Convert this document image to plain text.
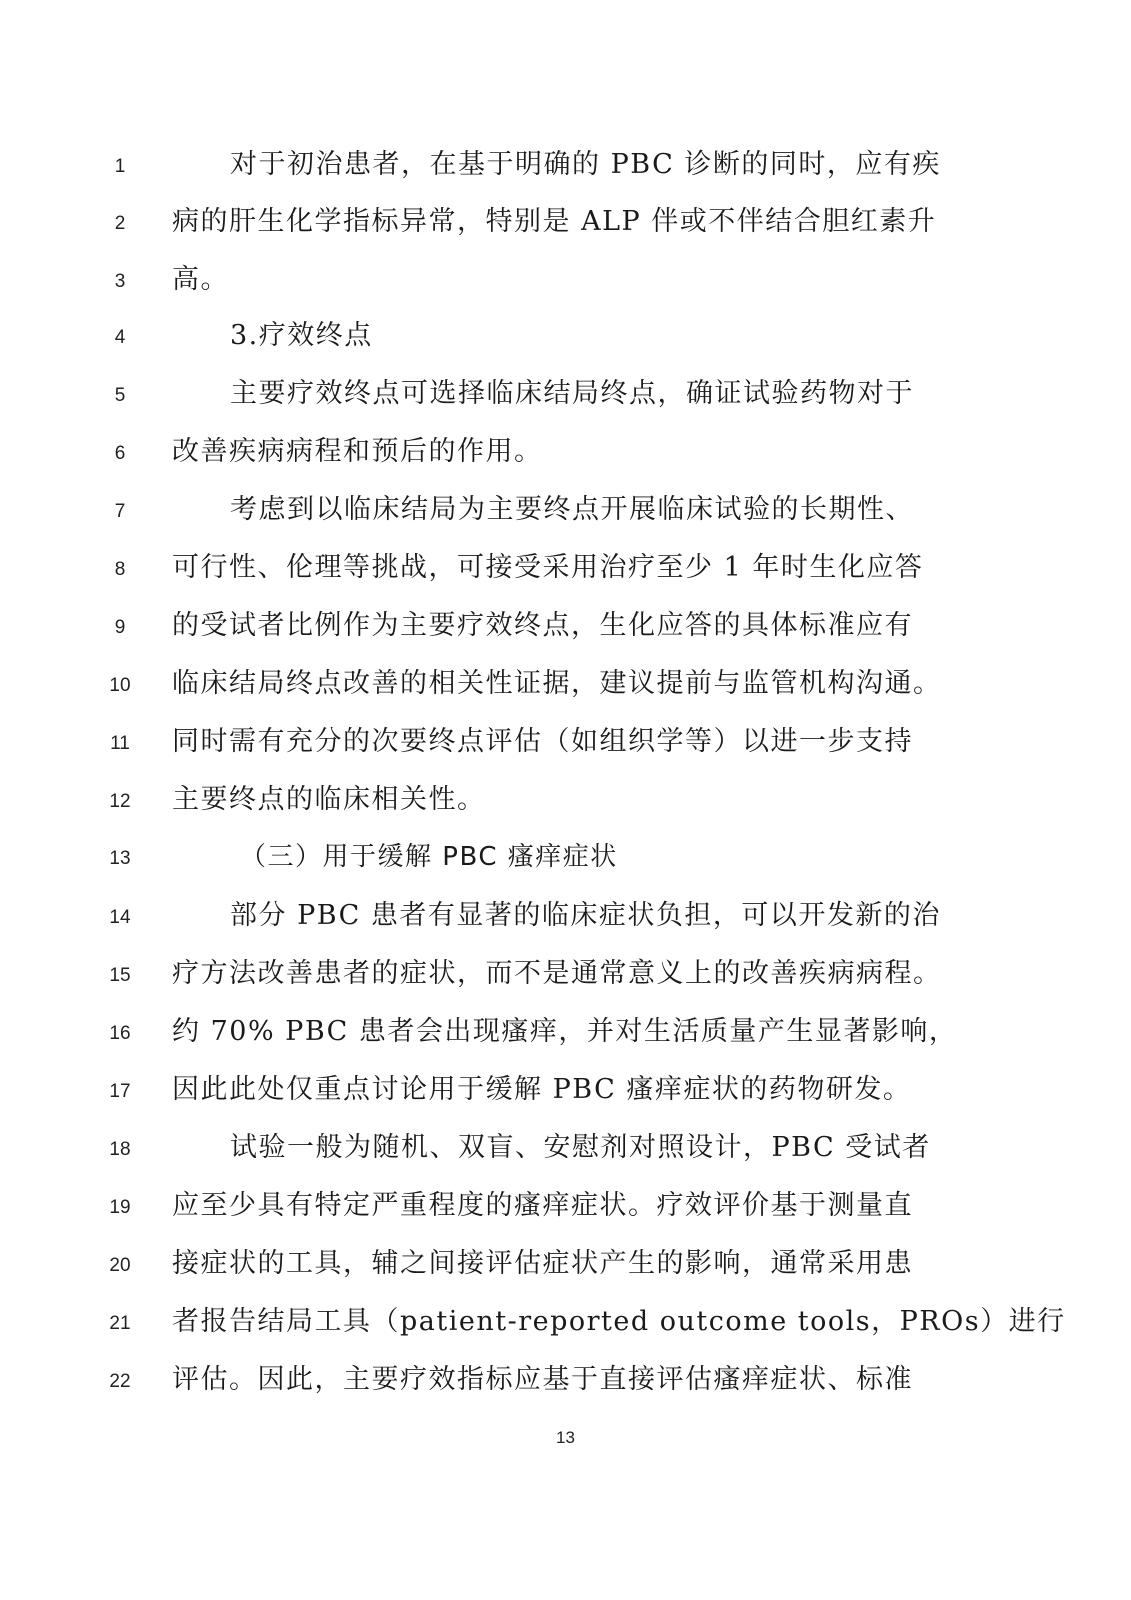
1	对于初治患者，在基于明确的 PBC 诊断的同时，应有疾
2	病的肝生化学指标异常，特别是 ALP 伴或不伴结合胆红素升
3	高。
4	3.疗效终点
5	主要疗效终点可选择临床结局终点，确证试验药物对于
6	改善疾病病程和预后的作用。
7	考虑到以临床结局为主要终点开展临床试验的长期性、
8	可行性、伦理等挑战，可接受采用治疗至少 1 年时生化应答
9	的受试者比例作为主要疗效终点，生化应答的具体标准应有
10	临床结局终点改善的相关性证据，建议提前与监管机构沟通。
11	同时需有充分的次要终点评估（如组织学等）以进一步支持
12	主要终点的临床相关性。
13	（三）用于缓解 PBC 瘙痒症状
14	部分 PBC 患者有显著的临床症状负担，可以开发新的治
15	疗方法改善患者的症状，而不是通常意义上的改善疾病病程。
16	约 70% PBC 患者会出现瘙痒，并对生活质量产生显著影响，
17	因此此处仅重点讨论用于缓解 PBC 瘙痒症状的药物研发。
18	试验一般为随机、双盲、安慰剂对照设计，PBC 受试者
19	应至少具有特定严重程度的瘙痒症状。疗效评价基于测量直
20	接症状的工具，辅之间接评估症状产生的影响，通常采用患
21	者报告结局工具（patient-reported outcome tools，PROs）进行
22	评估。因此，主要疗效指标应基于直接评估瘙痒症状、标准
13
